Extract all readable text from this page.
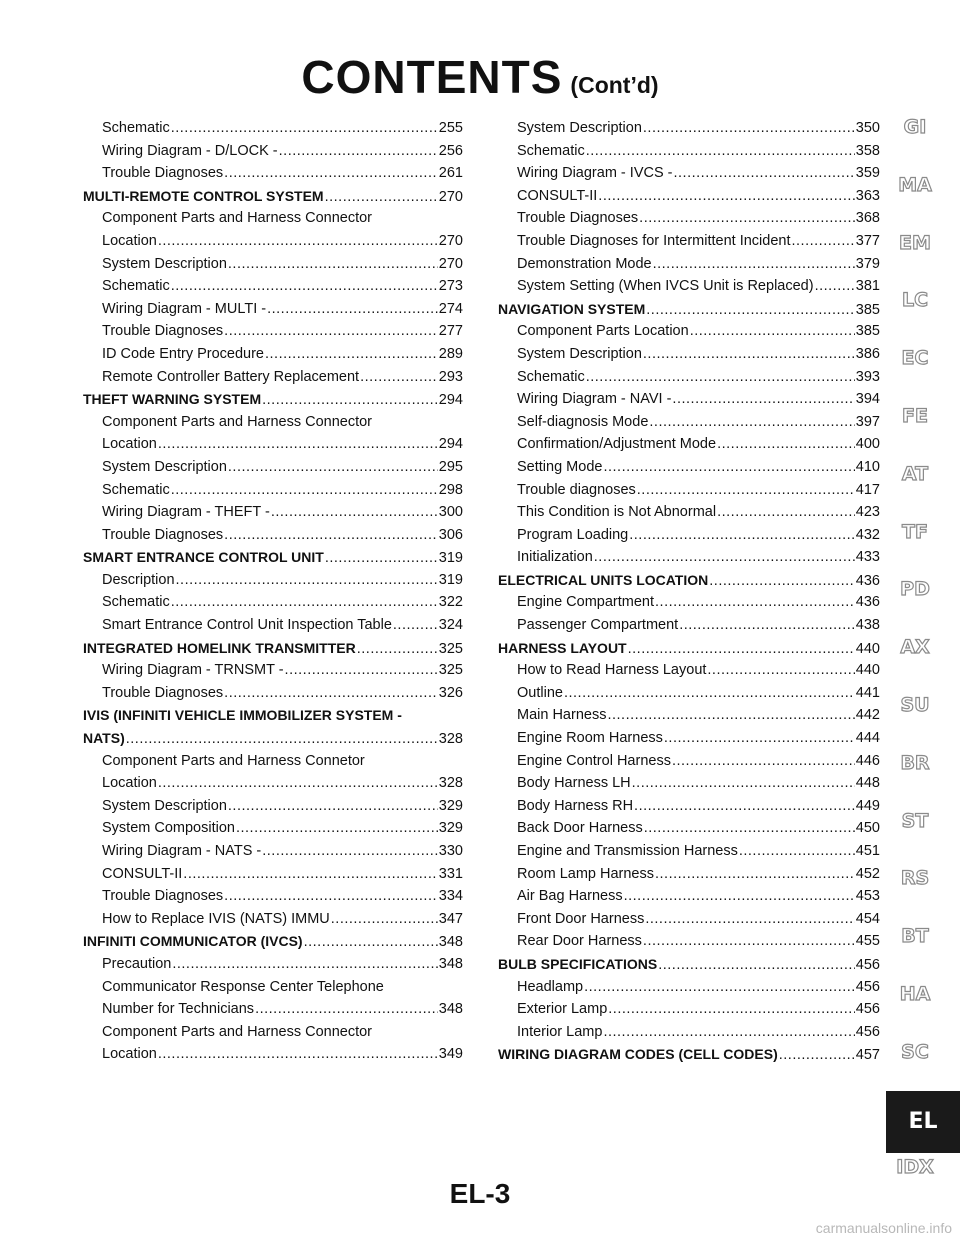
CONTENTS (Cont’d)
Schematic .....	255
Wiring Diagram - D/LOCK - .....	256
Trouble Diagnoses .....	261
MULTI-REMOTE CONTROL SYSTEM .....	270
Component Parts and Harness Connector
Location .....	270
System Description .....	270
Schematic .....	273
Wiring Diagram - MULTI - .....	274
Trouble Diagnoses .....	277
ID Code Entry Procedure .....	289
Remote Controller Battery Replacement .....	293
THEFT WARNING SYSTEM .....	294
Component Parts and Harness Connector
Location .....	294
System Description .....	295
Schematic .....	298
Wiring Diagram - THEFT - .....	300
Trouble Diagnoses .....	306
SMART ENTRANCE CONTROL UNIT .....	319
Description .....	319
Schematic .....	322
Smart Entrance Control Unit Inspection Table .....	324
INTEGRATED HOMELINK TRANSMITTER .....	325
Wiring Diagram - TRNSMT - .....	325
Trouble Diagnoses .....	326
IVIS (INFINITI VEHICLE IMMOBILIZER SYSTEM -
NATS) .....	328
Component Parts and Harness Connetor
Location .....	328
System Description .....	329
System Composition .....	329
Wiring Diagram - NATS - .....	330
CONSULT-II .....	331
Trouble Diagnoses .....	334
How to Replace IVIS (NATS) IMMU .....	347
INFINITI COMMUNICATOR (IVCS) .....	348
Precaution .....	348
Communicator Response Center Telephone
Number for Technicians .....	348
Component Parts and Harness Connector
Location .....	349
System Description .....	350
Schematic .....	358
Wiring Diagram - IVCS - .....	359
CONSULT-II .....	363
Trouble Diagnoses .....	368
Trouble Diagnoses for Intermittent Incident .....	377
Demonstration Mode .....	379
System Setting (When IVCS Unit is Replaced) .....	381
NAVIGATION SYSTEM .....	385
Component Parts Location .....	385
System Description .....	386
Schematic .....	393
Wiring Diagram - NAVI - .....	394
Self-diagnosis Mode .....	397
Confirmation/Adjustment Mode .....	400
Setting Mode .....	410
Trouble diagnoses .....	417
This Condition is Not Abnormal .....	423
Program Loading .....	432
Initialization .....	433
ELECTRICAL UNITS LOCATION .....	436
Engine Compartment .....	436
Passenger Compartment .....	438
HARNESS LAYOUT .....	440
How to Read Harness Layout .....	440
Outline .....	441
Main Harness .....	442
Engine Room Harness .....	444
Engine Control Harness .....	446
Body Harness LH .....	448
Body Harness RH .....	449
Back Door Harness .....	450
Engine and Transmission Harness .....	451
Room Lamp Harness .....	452
Air Bag Harness .....	453
Front Door Harness .....	454
Rear Door Harness .....	455
BULB SPECIFICATIONS .....	456
Headlamp .....	456
Exterior Lamp .....	456
Interior Lamp .....	456
WIRING DIAGRAM CODES (CELL CODES) .....	457
GI
MA
EM
LC
EC
FE
AT
TF
PD
AX
SU
BR
ST
RS
BT
HA
SC
EL
IDX
EL-3
carmanualsonline.info
